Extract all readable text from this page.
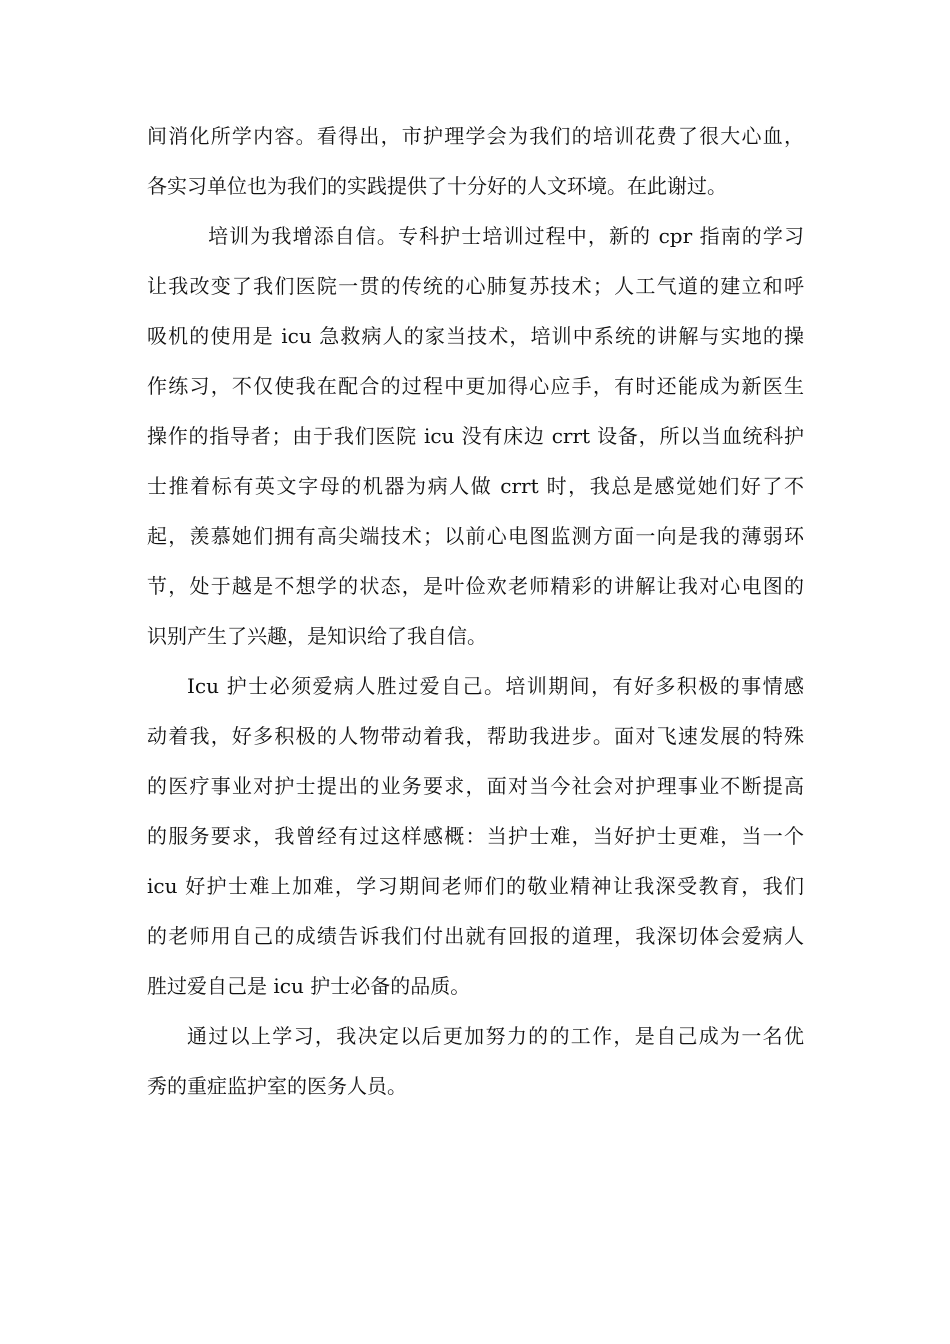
间消化所学内容。看得出，市护理学会为我们的培训花费了很大心血，
各实习单位也为我们的实践提供了十分好的人文环境。在此谢过。
　培训为我增添自信。专科护士培训过程中，新的 cpr 指南的学习
让我改变了我们医院一贯的传统的心肺复苏技术；人工气道的建立和呼
吸机的使用是 icu 急救病人的家当技术，培训中系统的讲解与实地的操
作练习，不仅使我在配合的过程中更加得心应手，有时还能成为新医生
操作的指导者；由于我们医院 icu 没有床边 crrt 设备，所以当血统科护
士推着标有英文字母的机器为病人做 crrt 时，我总是感觉她们好了不
起，羡慕她们拥有高尖端技术；以前心电图监测方面一向是我的薄弱环
节，处于越是不想学的状态，是叶俭欢老师精彩的讲解让我对心电图的
识别产生了兴趣，是知识给了我自信。
Icu 护士必须爱病人胜过爱自己。培训期间，有好多积极的事情感
动着我，好多积极的人物带动着我，帮助我进步。面对飞速发展的特殊
的医疗事业对护士提出的业务要求，面对当今社会对护理事业不断提高
的服务要求，我曾经有过这样感概：当护士难，当好护士更难，当一个
icu 好护士难上加难，学习期间老师们的敬业精神让我深受教育，我们
的老师用自己的成绩告诉我们付出就有回报的道理，我深切体会爱病人
胜过爱自己是 icu 护士必备的品质。
通过以上学习，我决定以后更加努力的的工作，是自己成为一名优
秀的重症监护室的医务人员。
